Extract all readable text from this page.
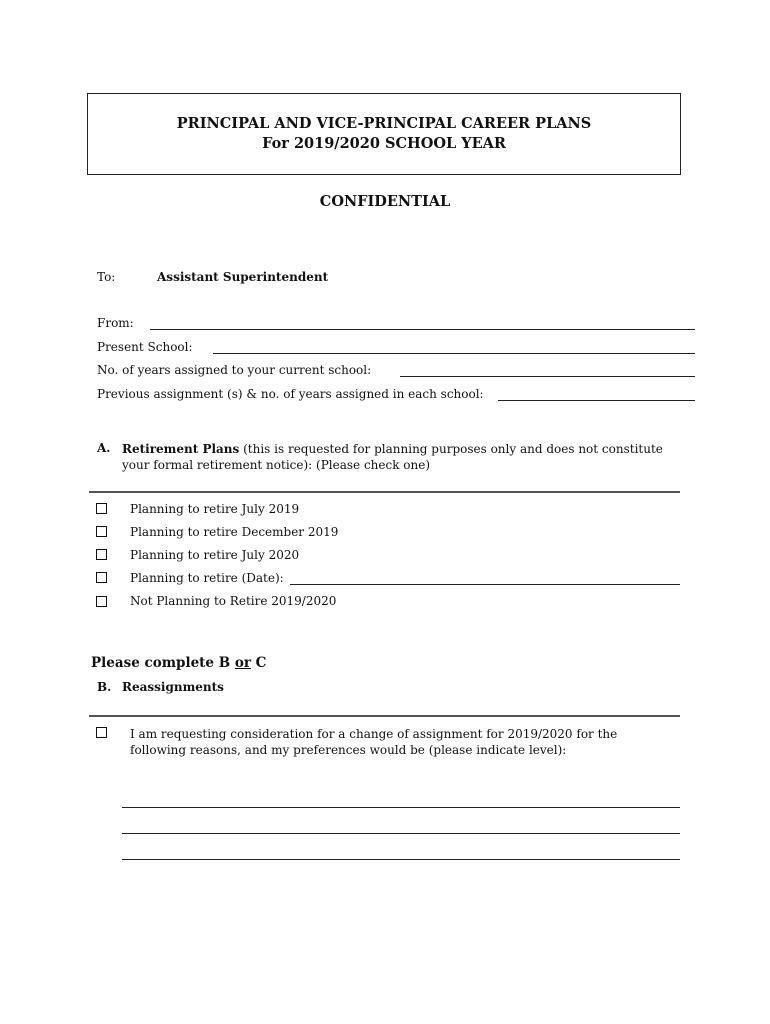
PRINCIPAL AND VICE-PRINCIPAL CAREER PLANS
For 2019/2020 SCHOOL YEAR
CONFIDENTIAL
To:	Assistant Superintendent
From:
Present School:
No. of years assigned to your current school:
Previous assignment (s) & no. of years assigned in each school:
A. Retirement Plans (this is requested for planning purposes only and does not constitute
your formal retirement notice): (Please check one)
Planning to retire July 2019
Planning to retire December 2019
Planning to retire July 2020
Planning to retire (Date):
Not Planning to Retire 2019/2020
Please complete B or C
B. Reassignments
I am requesting consideration for a change of assignment for 2019/2020 for the
following reasons, and my preferences would be (please indicate level):
